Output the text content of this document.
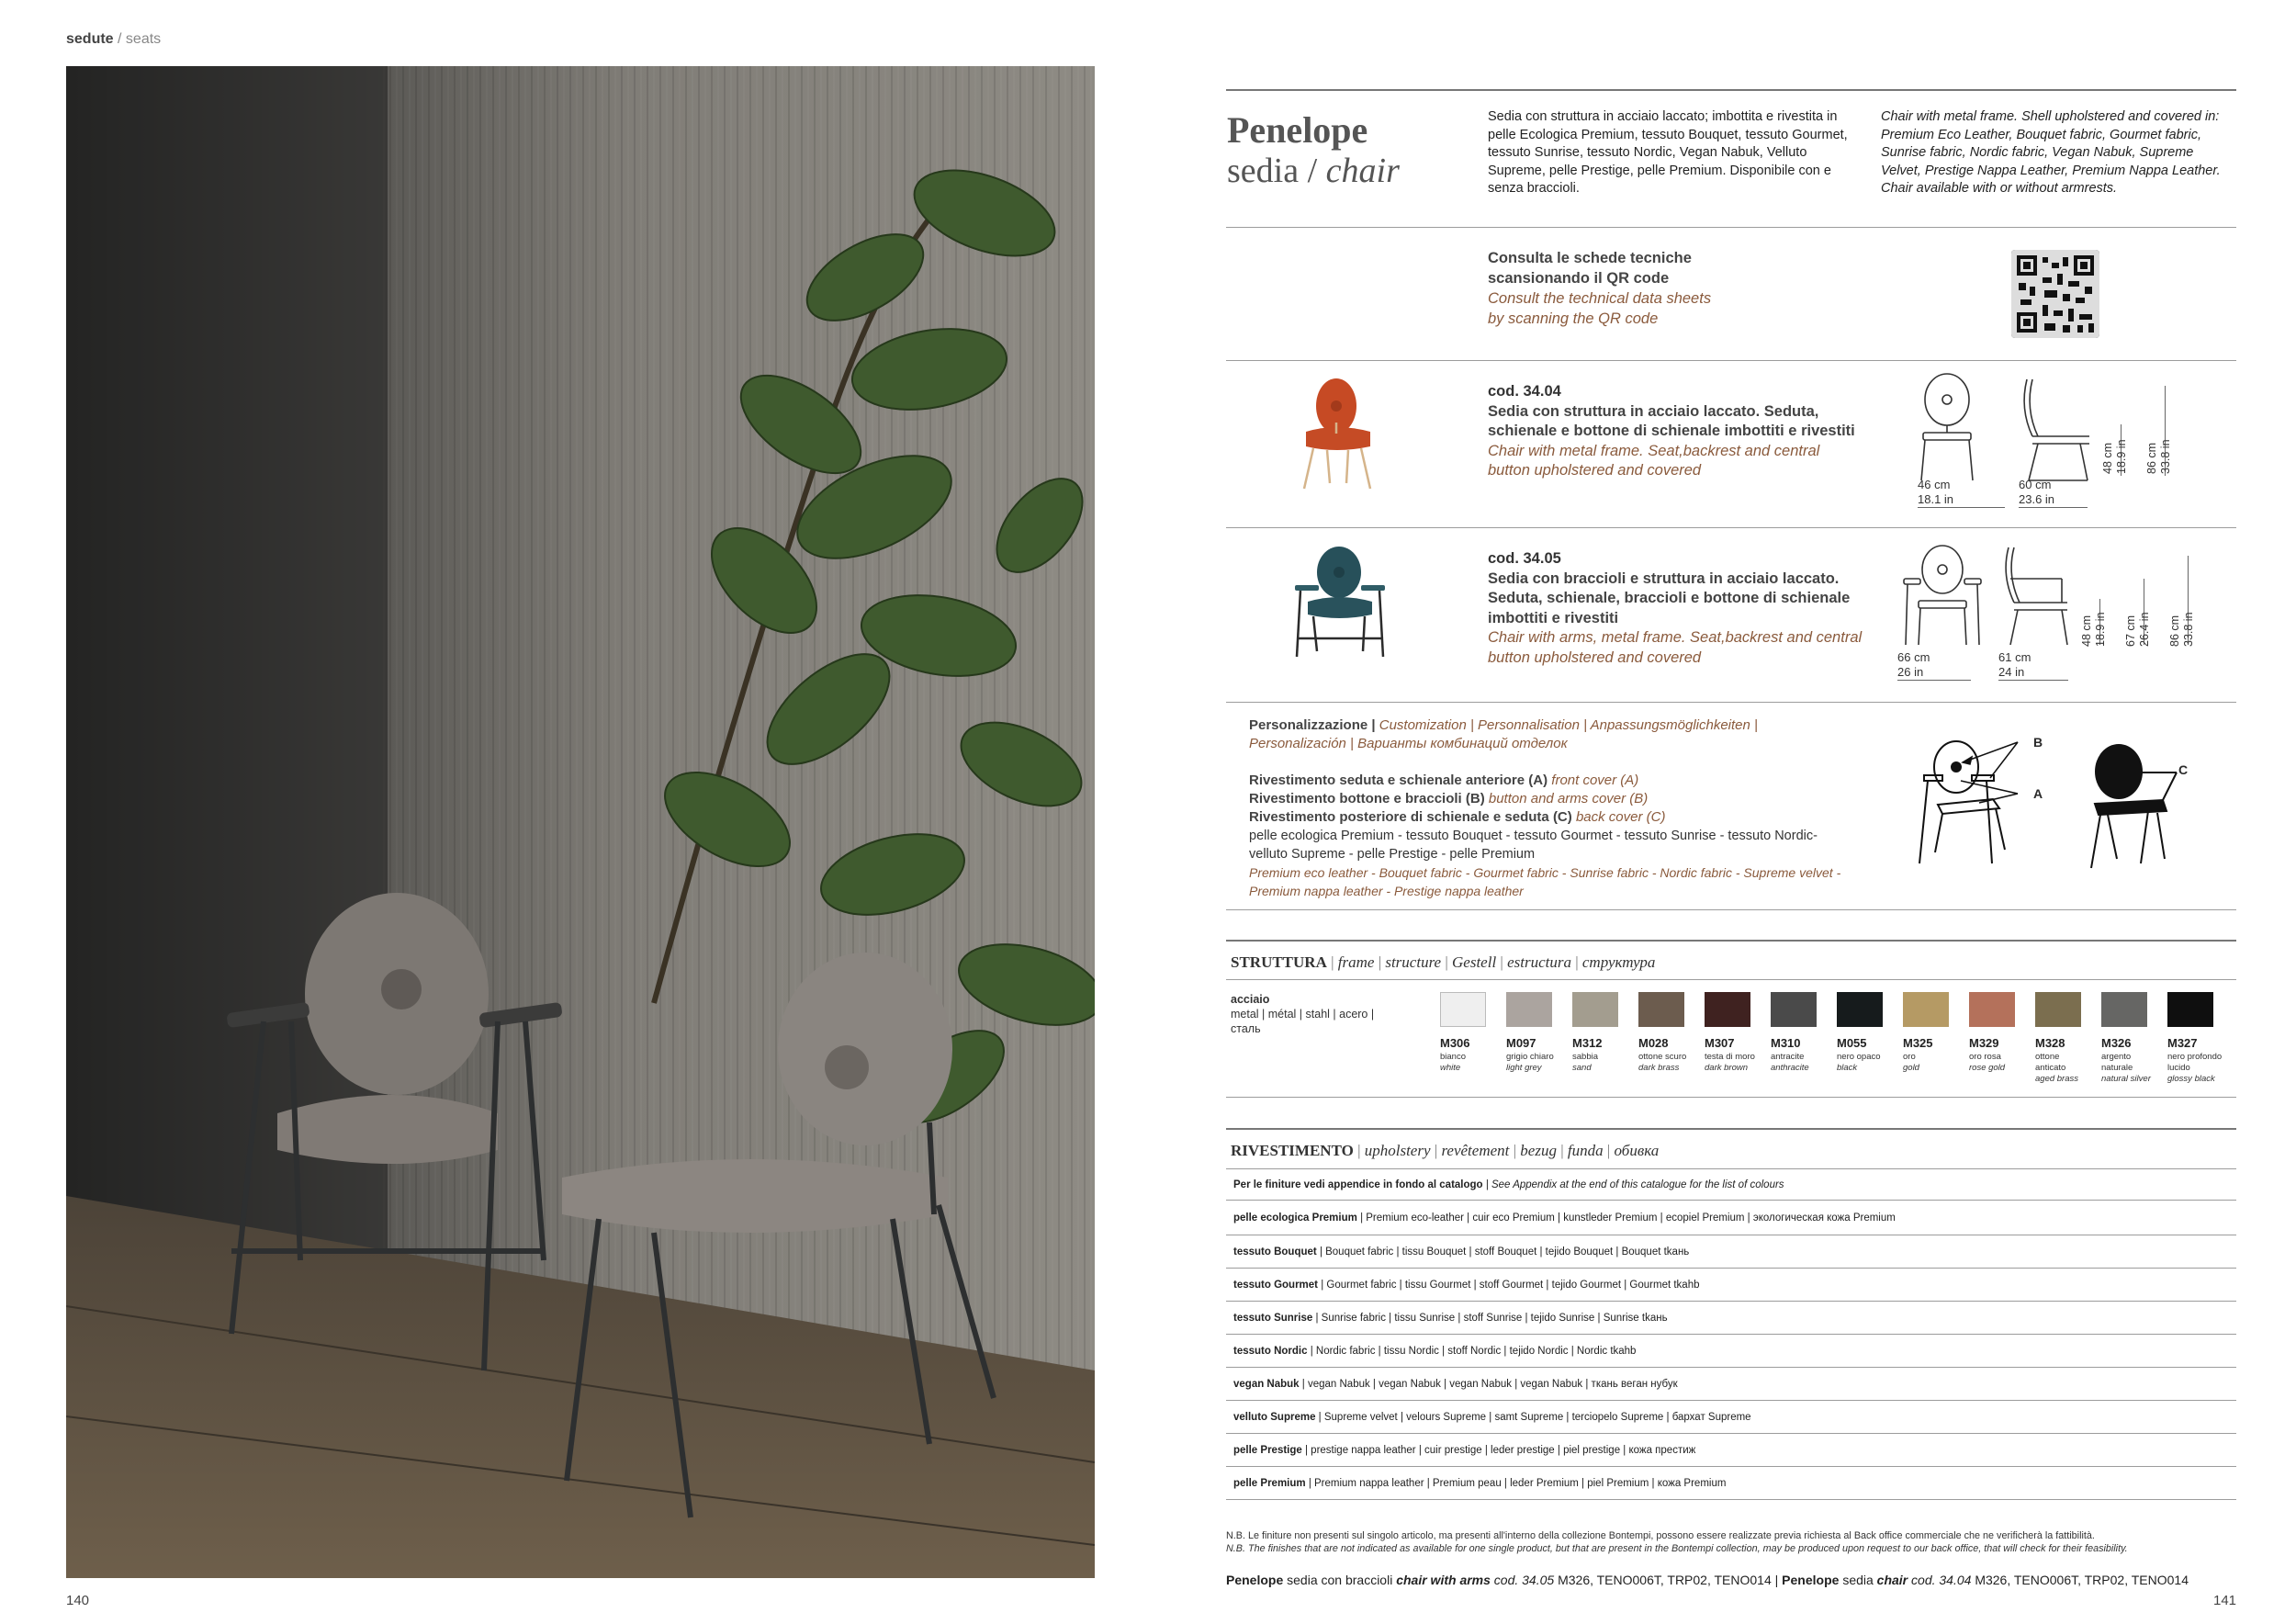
sedute / seats
140
Penelope
sedia / chair
Sedia con struttura in acciaio laccato; imbottita e rivestita in pelle Ecologica Premium, tessuto Bouquet, tessuto Gourmet, tessuto Sunrise, tessuto Nordic, Vegan Nabuk, Velluto Supreme, pelle Prestige, pelle Premium. Disponibile con e senza braccioli.
Chair with metal frame. Shell upholstered and covered in: Premium Eco Leather, Bouquet fabric, Gourmet fabric, Sunrise fabric, Nordic fabric, Vegan Nabuk, Supreme Velvet, Prestige Nappa Leather, Premium Nappa Leather. Chair available with or without armrests.
Consulta le schede tecniche
scansionando il QR code
Consult the technical data sheets
by scanning the QR code
cod. 34.04
Sedia con struttura in acciaio laccato. Seduta, schienale e bottone di schienale imbottiti e rivestiti
Chair with metal frame. Seat,backrest and central button upholstered and covered
46 cm
18.1 in
60 cm
23.6 in
48 cm 18.9 in 86 cm 33.8 in
cod. 34.05
Sedia con braccioli e struttura in acciaio laccato. Seduta, schienale, braccioli e bottone di schienale imbottiti e rivestiti
Chair with arms, metal frame. Seat,backrest and central button upholstered and covered	66 cm
26 in
61 cm
24 in
48 cm 18.9 in 67 cm 26.4 in 86 cm 33.8 in
Personalizzazione | Customization | Personnalisation | Anpassungsmöglichkeiten |
Personalización | Варианты комбинаций отделок
Rivestimento seduta e schienale anteriore (A) front cover (A)
Rivestimento bottone e braccioli (B) button and arms cover (B)
Rivestimento posteriore di schienale e seduta (C) back cover (C)
pelle ecologica Premium - tessuto Bouquet - tessuto Gourmet - tessuto Sunrise - tessuto Nordic-
velluto Supreme - pelle Prestige - pelle Premium
Premium eco leather - Bouquet fabric - Gourmet fabric - Sunrise fabric - Nordic fabric - Supreme velvet -
Premium nappa leather - Prestige nappa leather
B
A
C
STRUTTURA | frame | structure | Gestell | estructura | структура
acciaio
metal | métal | stahl | acero |
сталь
M306
bianco
white
M097
grigio chiaro
light grey
M312
sabbia
sand
M028
ottone scuro
dark brass
M307
testa di moro
dark brown
M310
antracite
anthracite
M055
nero opaco
black
M325
oro
gold
M329
oro rosa
rose gold
M328
ottone anticato
aged brass
M326
argento naturale
natural silver
M327
nero profondo lucido
glossy black
RIVESTIMENTO | upholstery | revêtement | bezug | funda | обивка
Per le finiture vedi appendice in fondo al catalogo | See Appendix at the end of this catalogue for the list of colours
pelle ecologica Premium | Premium eco-leather | cuir eco Premium | kunstleder Premium | ecopiel Premium | экологическая кожа Premium
tessuto Bouquet | Bouquet fabric | tissu Bouquet | stoff Bouquet | tejido Bouquet | Bouquet tkaнь
tessuto Gourmet | Gourmet fabric | tissu Gourmet | stoff Gourmet | tejido Gourmet | Gourmet tkahb
tessuto Sunrise | Sunrise fabric | tissu Sunrise | stoff Sunrise | tejido Sunrise | Sunrise tkaнь
tessuto Nordic | Nordic fabric | tissu Nordic | stoff Nordic | tejido Nordic | Nordic tkahb
vegan Nabuk | vegan Nabuk | vegan Nabuk | vegan Nabuk | vegan Nabuk | ткань веган нубук
velluto Supreme | Supreme velvet | velours Supreme | samt Supreme | terciopelo Supreme | бархат Supreme
pelle Prestige | prestige nappa leather | cuir prestige | leder prestige | piel prestige | кожа престиж
pelle Premium | Premium nappa leather | Premium peau | leder Premium | piel Premium | кожа Premium
N.B. Le finiture non presenti sul singolo articolo, ma presenti all'interno della collezione Bontempi, possono essere realizzate previa richiesta al Back office commerciale che ne verificherà la fattibilità.
N.B. The finishes that are not indicated as available for one single product, but that are present in the Bontempi collection, may be produced upon request to our back office, that will check for their feasibility.
Penelope sedia con braccioli chair with arms cod. 34.05 M326, TENO006T, TRP02, TENO014 | Penelope sedia chair cod. 34.04 M326, TENO006T, TRP02, TENO014
141
